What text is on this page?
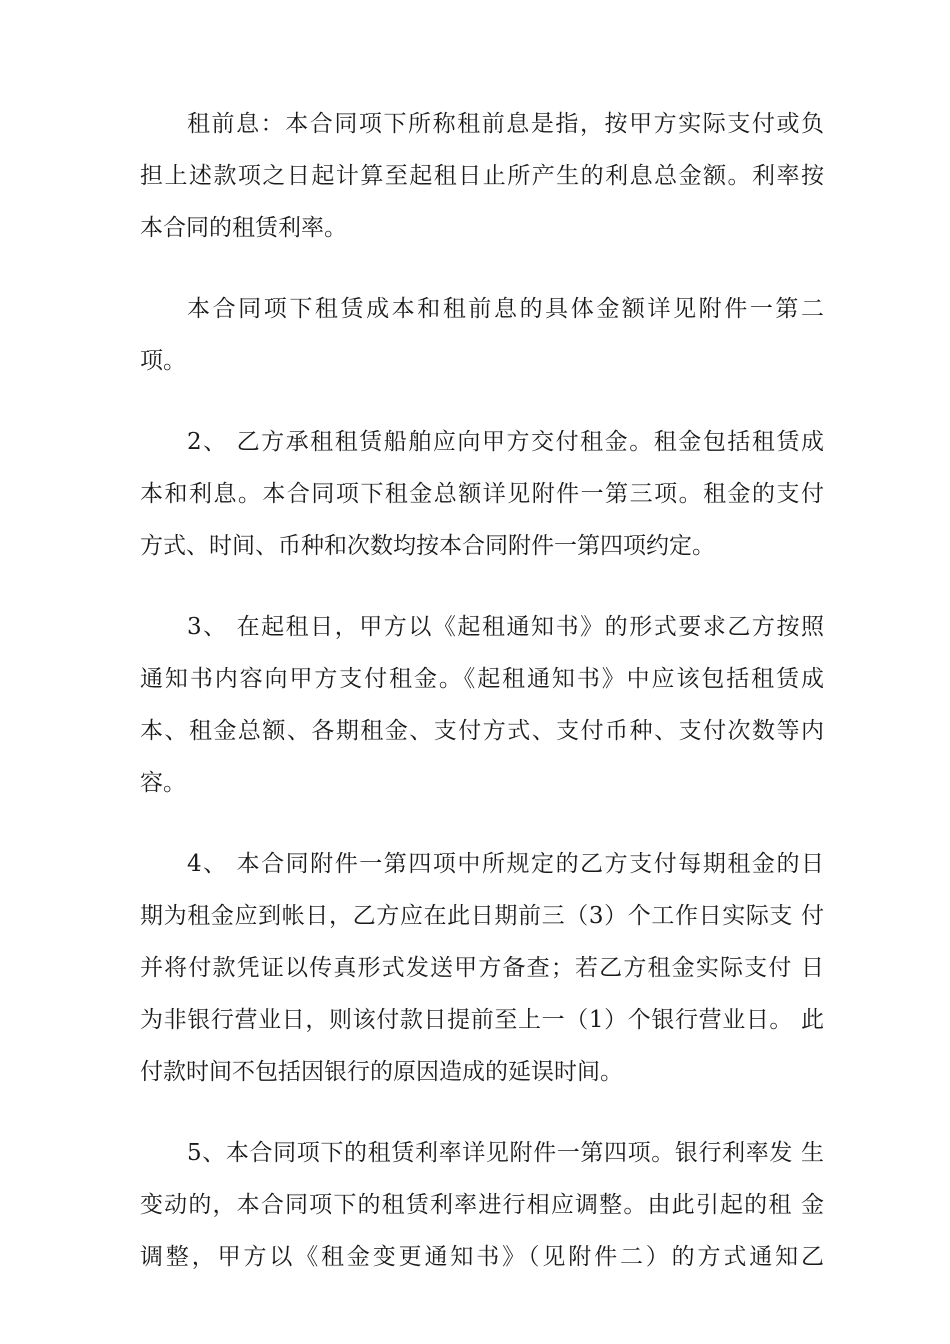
租前息：本合同项下所称租前息是指，按甲方实际支付或负
担上述款项之日起计算至起租日止所产生的利息总金额。利率按
本合同的租赁利率。

本合同项下租赁成本和租前息的具体金额详见附件一第二
项。

2、 乙方承租租赁船舶应向甲方交付租金。租金包括租赁成
本和利息。本合同项下租金总额详见附件一第三项。租金的支付
方式、时间、币种和次数均按本合同附件一第四项约定。

3、 在起租日，甲方以《起租通知书》的形式要求乙方按照
通知书内容向甲方支付租金。《起租通知书》中应该包括租赁成
本、租金总额、各期租金、支付方式、支付币种、支付次数等内
容。

4、 本合同附件一第四项中所规定的乙方支付每期租金的日
期为租金应到帐日，乙方应在此日期前三（3）个工作日实际支 付
并将付款凭证以传真形式发送甲方备查；若乙方租金实际支付 日
为非银行营业日，则该付款日提前至上一（1）个银行营业日。 此
付款时间不包括因银行的原因造成的延误时间。

5、本合同项下的租赁利率详见附件一第四项。银行利率发 生
变动的，本合同项下的租赁利率进行相应调整。由此引起的租 金
调整，甲方以《租金变更通知书》（见附件二）的方式通知乙
